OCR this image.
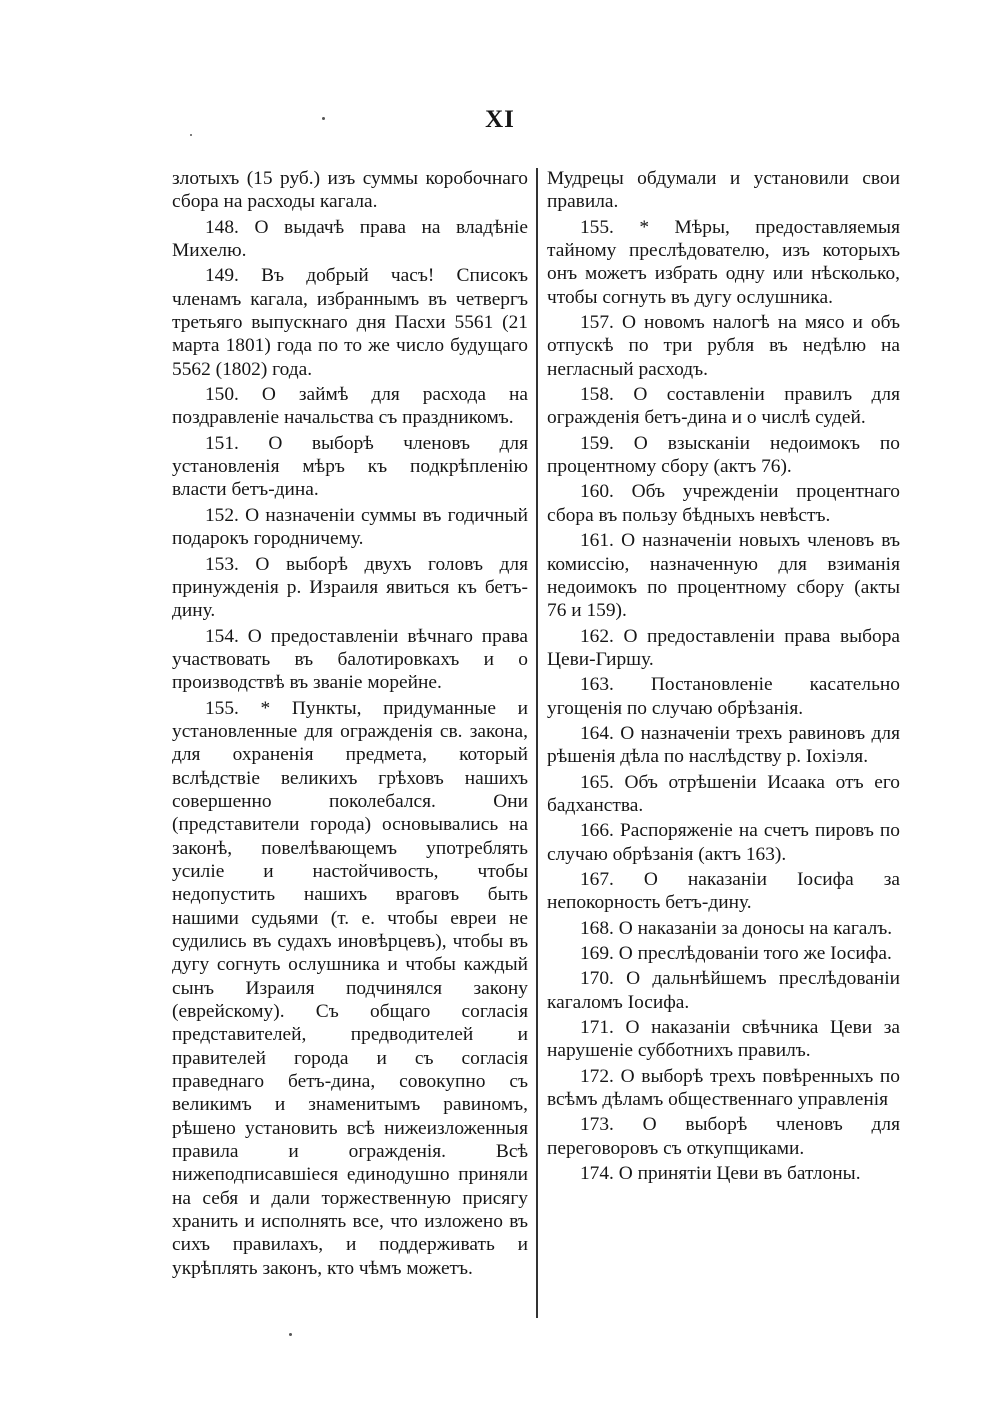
XI

злотыхъ (15 руб.) изъ суммы коробочнаго сбора на расходы кагала.

148. О выдачѣ права на владѣніе Михелю.

149. Въ добрый часъ! Списокъ членамъ кагала, избраннымъ въ четвергъ третьяго выпускнаго дня Пасхи 5561 (21 марта 1801) года по то же число будущаго 5562 (1802) года.

150. О займѣ для расхода на поздравленіе начальства съ праздникомъ.

151. О выборѣ членовъ для установленія мѣръ къ подкрѣпленію власти бетъ-дина.

152. О назначеніи суммы въ годичный подарокъ городничему.

153. О выборѣ двухъ головъ для принужденія р. Израиля явиться къ бетъ-дину.

154. О предоставленіи вѣчнаго права участвовать въ балотировкахъ и о производствѣ въ званіе морейне.

155. * Пункты, придуманные и установленные для огражденія св. закона, для охраненія предмета, который вслѣдствіе великихъ грѣховъ нашихъ совершенно поколебался. Они (представители города) основывались на законѣ, повелѣвающемъ употреблять усиліе и настойчивость, чтобы недопустить нашихъ враговъ быть нашими судьями (т. е. чтобы евреи не судились въ судахъ иновѣрцевъ), чтобы въ дугу согнуть ослушника и чтобы каждый сынъ Израиля подчинялся закону (еврейскому). Съ общаго согласія представителей, предводителей и правителей города и съ согласія праведнаго бетъ-дина, совокупно съ великимъ и знаменитымъ равиномъ, рѣшено установить всѣ нижеизложенныя правила и огражденія. Всѣ нижеподписавшіеся единодушно приняли на себя и дали торжественную присягу хранить и исполнять все, что изложено въ сихъ правилахъ, и поддерживать и укрѣплять законъ, кто чѣмъ можетъ.

Мудрецы обдумали и установили свои правила.

155. * Мѣры, предоставляемыя тайному преслѣдователю, изъ которыхъ онъ можетъ избрать одну или нѣсколько, чтобы согнуть въ дугу ослушника.

157. О новомъ налогѣ на мясо и объ отпускѣ по три рубля въ недѣлю на негласный расходъ.

158. О составленіи правилъ для огражденія бетъ-дина и о числѣ судей.

159. О взысканіи недоимокъ по процентному сбору (актъ 76).

160. Объ учрежденіи процентнаго сбора въ пользу бѣдныхъ невѣстъ.

161. О назначеніи новыхъ членовъ въ комиссію, назначенную для взиманія недоимокъ по процентному сбору (акты 76 и 159).

162. О предоставленіи права выбора Цеви-Гиршу.

163. Постановленіе касательно угощенія по случаю обрѣзанія.

164. О назначеніи трехъ равиновъ для рѣшенія дѣла по наслѣдству р. Іохіэля.

165. Объ отрѣшеніи Исаака отъ его бадханства.

166. Распоряженіе на счетъ пировъ по случаю обрѣзанія (актъ 163).

167. О наказаніи Іосифа за непокорность бетъ-дину.

168. О наказаніи за доносы на кагалъ.

169. О преслѣдованіи того же Іосифа.

170. О дальнѣйшемъ преслѣдованіи кагаломъ Іосифа.

171. О наказаніи свѣчника Цеви за нарушеніе субботнихъ правилъ.

172. О выборѣ трехъ повѣренныхъ по всѣмъ дѣламъ общественнаго управленія

173. О выборѣ членовъ для переговоровъ съ откупщиками.

174. О принятіи Цеви въ батлоны.
